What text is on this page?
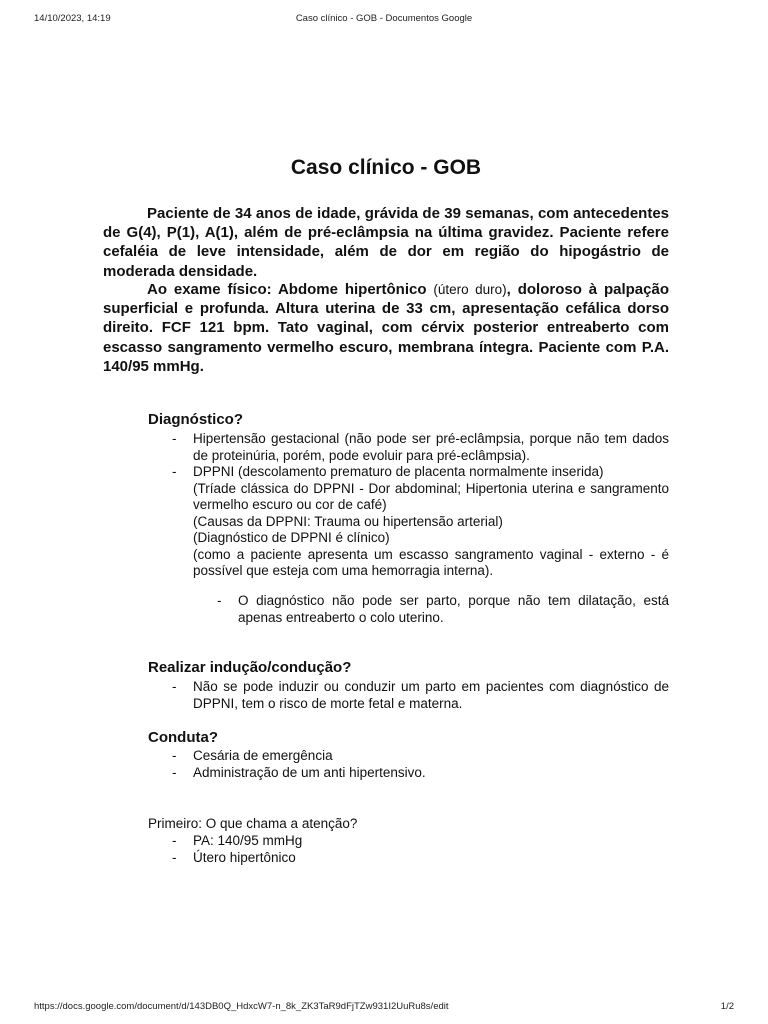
14/10/2023, 14:19	Caso clínico - GOB - Documentos Google
Caso clínico - GOB

Paciente de 34 anos de idade, grávida de 39 semanas, com antecedentes de G(4), P(1), A(1), além de pré-eclâmpsia na última gravidez. Paciente refere cefaléia de leve intensidade, além de dor em região do hipogástrio de moderada densidade.

Ao exame físico: Abdome hipertônico (útero duro), doloroso à palpação superficial e profunda. Altura uterina de 33 cm, apresentação cefálica dorso direito. FCF 121 bpm. Tato vaginal, com cérvix posterior entreaberto com escasso sangramento vermelho escuro, membrana íntegra. Paciente com P.A. 140/95 mmHg.

Diagnóstico?
- Hipertensão gestacional (não pode ser pré-eclâmpsia, porque não tem dados de proteinúria, porém, pode evoluir para pré-eclâmpsia).
- DPPNI (descolamento prematuro de placenta normalmente inserida)
(Tríade clássica do DPPNI - Dor abdominal; Hipertonia uterina e sangramento vermelho escuro ou cor de café)
(Causas da DPPNI: Trauma ou hipertensão arterial)
(Diagnóstico de DPPNI é clínico)
(como a paciente apresenta um escasso sangramento vaginal - externo - é possível que esteja com uma hemorragia interna).
- O diagnóstico não pode ser parto, porque não tem dilatação, está apenas entreaberto o colo uterino.
Realizar indução/condução?
- Não se pode induzir ou conduzir um parto em pacientes com diagnóstico de DPPNI, tem o risco de morte fetal e materna.
Conduta?
- Cesária de emergência
- Administração de um anti hipertensivo.
Primeiro: O que chama a atenção?
- PA: 140/95 mmHg
- Útero hipertônico
https://docs.google.com/document/d/143DB0Q_HdxcW7-n_8k_ZK3TaR9dFjTZw931I2UuRu8s/edit	1/2
